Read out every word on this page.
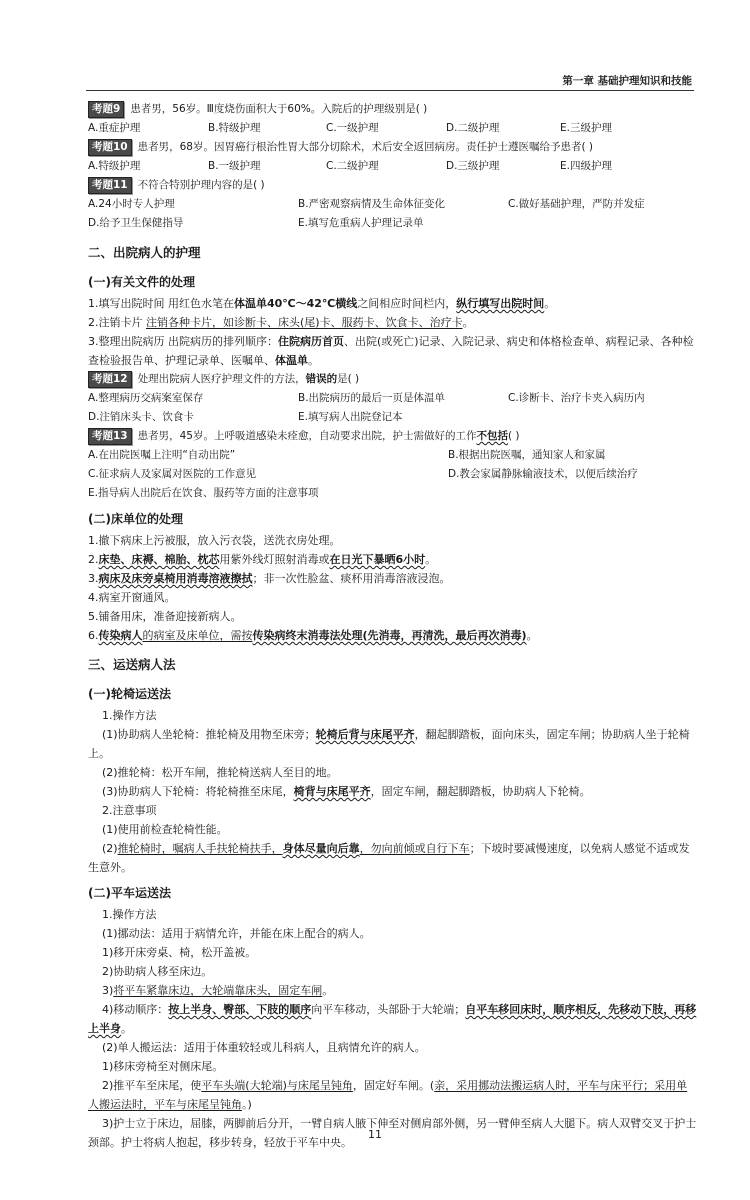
第一章 基础护理知识和技能
考题9 患者男，56岁。Ⅲ度烧伤面积大于60%。入院后的护理级别是( )
A.重症护理	B.特级护理	C.一级护理	D.二级护理	E.三级护理
考题10 患者男，68岁。因胃癌行根治性胃大部分切除术，术后安全返回病房。责任护士遵医嘱给予患者( )
A.特级护理	B.一级护理	C.二级护理	D.三级护理	E.四级护理
考题11 不符合特别护理内容的是( )
A.24小时专人护理	B.严密观察病情及生命体征变化	C.做好基础护理，严防并发症
D.给予卫生保健指导	E.填写危重病人护理记录单
二、出院病人的护理
(一)有关文件的处理

1.填写出院时间 用红色水笔在体温单40℃～42℃横线之间相应时间栏内，纵行填写出院时间。

2.注销卡片 注销各种卡片，如诊断卡、床头(尾)卡、服药卡、饮食卡、治疗卡。

3.整理出院病历 出院病历的排列顺序：住院病历首页、出院(或死亡)记录、入院记录、病史和体格检查单、病程记录、各种检查检验报告单、护理记录单、医嘱单、体温单。

考题12 处理出院病人医疗护理文件的方法，错误的是( )
A.整理病历交病案室保存	B.出院病历的最后一页是体温单	C.诊断卡、治疗卡夹入病历内
D.注销床头卡、饮食卡	E.填写病人出院登记本
考题13 患者男，45岁。上呼吸道感染未痊愈，自动要求出院，护士需做好的工作不包括( )
A.在出院医嘱上注明“自动出院”	B.根据出院医嘱，通知家人和家属
C.征求病人及家属对医院的工作意见	D.教会家属静脉输液技术，以便后续治疗
E.指导病人出院后在饮食、服药等方面的注意事项
(二)床单位的处理

1.撤下病床上污被服，放入污衣袋，送洗衣房处理。

2.床垫、床褥、棉胎、枕芯用紫外线灯照射消毒或在日光下暴晒6小时。

3.病床及床旁桌椅用消毒溶液擦拭；非一次性脸盆、痰杯用消毒溶液浸泡。

4.病室开窗通风。

5.铺备用床，准备迎接新病人。

6.传染病人的病室及床单位，需按传染病终末消毒法处理(先消毒，再清洗，最后再次消毒)。

三、运送病人法
(一)轮椅运送法

1.操作方法

(1)协助病人坐轮椅：推轮椅及用物至床旁；轮椅后背与床尾平齐，翻起脚踏板，面向床头，固定车闸；协助病人坐于轮椅上。

(2)推轮椅：松开车闸，推轮椅送病人至目的地。

(3)协助病人下轮椅：将轮椅推至床尾，椅背与床尾平齐，固定车闸，翻起脚踏板，协助病人下轮椅。

2.注意事项

(1)使用前检查轮椅性能。

(2)推轮椅时，嘱病人手扶轮椅扶手，身体尽量向后靠，勿向前倾或自行下车；下坡时要减慢速度，以免病人感觉不适或发生意外。

(二)平车运送法

1.操作方法

(1)挪动法：适用于病情允许，并能在床上配合的病人。

1)移开床旁桌、椅，松开盖被。

2)协助病人移至床边。

3)将平车紧靠床边，大轮端靠床头，固定车闸。

4)移动顺序：按上半身、臀部、下肢的顺序向平车移动，头部卧于大轮端；自平车移回床时，顺序相反，先移动下肢，再移上半身。

(2)单人搬运法：适用于体重较轻或儿科病人，且病情允许的病人。

1)移床旁椅至对侧床尾。

2)推平车至床尾，使平车头端(大轮端)与床尾呈钝角，固定好车闸。(亲，采用挪动法搬运病人时，平车与床平行；采用单人搬运法时，平车与床尾呈钝角。)

3)护士立于床边，屈膝，两脚前后分开，一臂自病人腋下伸至对侧肩部外侧，另一臂伸至病人大腿下。病人双臂交叉于护士颈部。护士将病人抱起，移步转身，轻放于平车中央。

11
